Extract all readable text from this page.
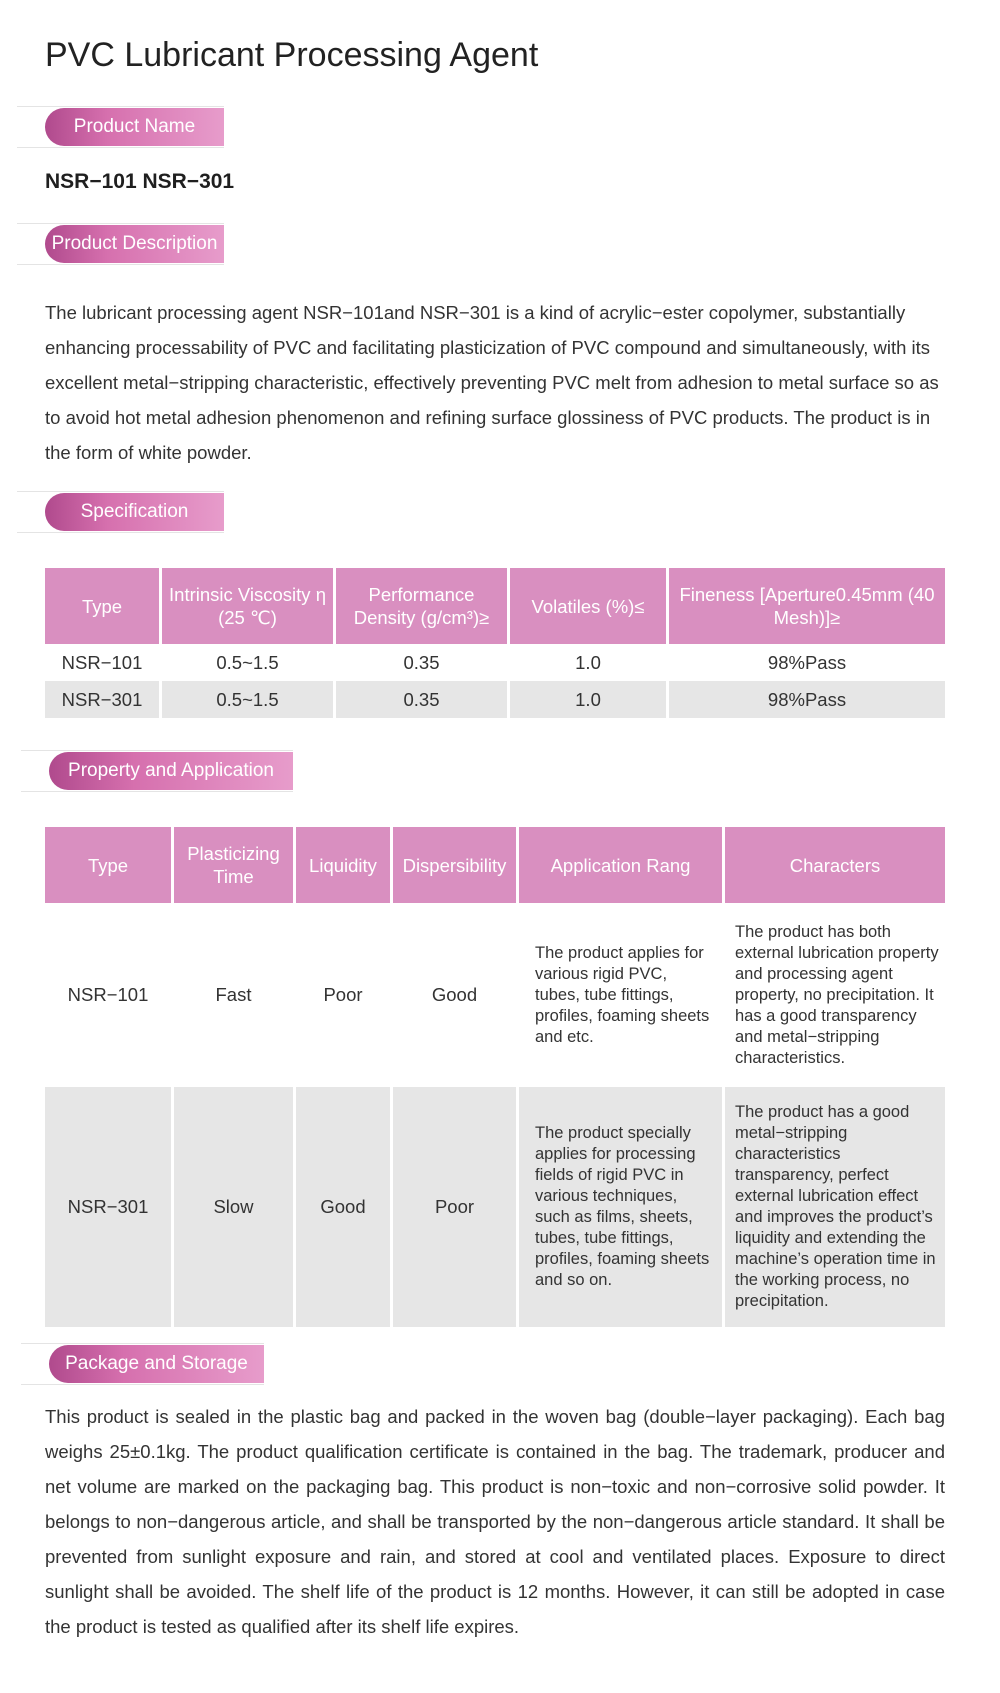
PVC Lubricant Processing Agent
Product Name
NSR−101 NSR−301
Product Description

The lubricant processing agent NSR−101and NSR−301 is a kind of acrylic−ester copolymer, substantially enhancing processability of PVC and facilitating plasticization of PVC compound and simultaneously, with its excellent metal−stripping characteristic, effectively preventing PVC melt from adhesion to metal surface so as to avoid hot metal adhesion phenomenon and refining surface glossiness of PVC products. The product is in the form of white powder.

Specification
Type	Intrinsic Viscosity η (25 ℃)	Performance Density (g/cm³)≥	Volatiles (%)≤	Fineness [Aperture0.45mm (40 Mesh)]≥
NSR−101	0.5~1.5	0.35	1.0	98%Pass
NSR−301	0.5~1.5	0.35	1.0	98%Pass
Property and Application
Type	Plasticizing Time	Liquidity	Dispersibility	Application Rang	Characters
NSR−101	Fast	Poor	Good	The product applies for various rigid PVC, tubes, tube fittings, profiles, foaming sheets and etc.	The product has both external lubrication property and processing agent property, no precipitation. It has a good transparency and metal−stripping characteristics.
NSR−301	Slow	Good	Poor	The product specially applies for processing fields of rigid PVC in various techniques, such as films, sheets, tubes, tube fittings, profiles, foaming sheets and so on.	The product has a good metal−stripping characteristics transparency, perfect external lubrication effect and improves the product’s liquidity and extending the machine’s operation time in the working process, no precipitation.
Package and Storage

This product is sealed in the plastic bag and packed in the woven bag (double−layer packaging). Each bag weighs 25±0.1kg. The product qualification certificate is contained in the bag. The trademark, producer and net volume are marked on the packaging bag. This product is non−toxic and non−corrosive solid powder. It belongs to non−dangerous article, and shall be transported by the non−dangerous article standard. It shall be prevented from sunlight exposure and rain, and stored at cool and ventilated places. Exposure to direct sunlight shall be avoided. The shelf life of the product is 12 months. However, it can still be adopted in case the product is tested as qualified after its shelf life expires.
